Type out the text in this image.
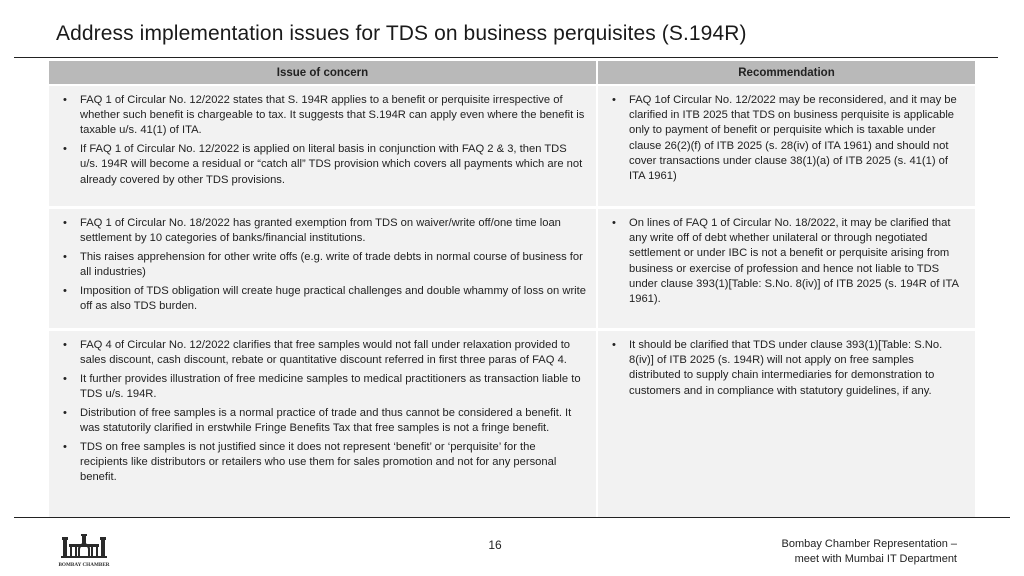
Address implementation issues for TDS on business perquisites (S.194R)
Issue of concern	Recommendation
• FAQ 1 of Circular No. 12/2022 states that S. 194R applies to a benefit or perquisite irrespective of whether such benefit is chargeable to tax. It suggests that S.194R can apply even where the benefit is taxable u/s. 41(1) of ITA.
• If FAQ 1 of Circular No. 12/2022 is applied on literal basis in conjunction with FAQ 2 & 3, then TDS u/s. 194R will become a residual or “catch all” TDS provision which covers all payments which are not already covered by other TDS provisions.
• FAQ 1of Circular No. 12/2022 may be reconsidered, and it may be clarified in ITB 2025 that TDS on business perquisite is applicable only to payment of benefit or perquisite which is taxable under clause 26(2)(f) of ITB 2025 (s. 28(iv) of ITA 1961) and should not cover transactions under clause 38(1)(a) of ITB 2025 (s. 41(1) of ITA 1961)
• FAQ 1 of Circular No. 18/2022 has granted exemption from TDS on waiver/write off/one time loan settlement by 10 categories of banks/financial institutions.
• This raises apprehension for other write offs (e.g. write of trade debts in normal course of business for all industries)
• Imposition of TDS obligation will create huge practical challenges and double whammy of loss on write off as also TDS burden.
• On lines of FAQ 1 of Circular No. 18/2022, it may be clarified that any write off of debt whether unilateral or through negotiated settlement or under IBC is not a benefit or perquisite arising from business or exercise of profession and hence not liable to TDS under clause 393(1)[Table: S.No. 8(iv)] of ITB 2025 (s. 194R of ITA 1961).
• FAQ 4 of Circular No. 12/2022 clarifies that free samples would not fall under relaxation provided to sales discount, cash discount, rebate or quantitative discount referred in first three paras of FAQ 4.
• It further provides illustration of free medicine samples to medical practitioners as transaction liable to TDS u/s. 194R.
• Distribution of free samples is a normal practice of trade and thus cannot be considered a benefit. It was statutorily clarified in erstwhile Fringe Benefits Tax that free samples is not a fringe benefit.
• TDS on free samples is not justified since it does not represent ‘benefit’ or ‘perquisite’ for the recipients like distributors or retailers who use them for sales promotion and not for any personal benefit.
• It should be clarified that TDS under clause 393(1)[Table: S.No. 8(iv)] of ITB 2025 (s. 194R) will not apply on free samples distributed to supply chain intermediaries for demonstration to customers and in compliance with statutory guidelines, if any.
BOMBAY CHAMBER
16	Bombay Chamber Representation –
meet with Mumbai IT Department
